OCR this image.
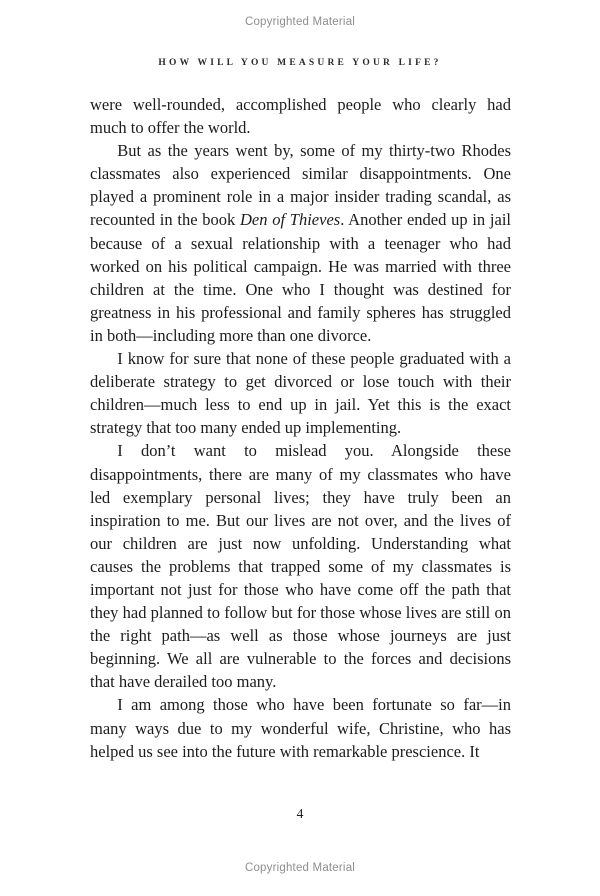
Copyrighted Material
HOW WILL YOU MEASURE YOUR LIFE?

were well-rounded, accomplished people who clearly had much to offer the world.

But as the years went by, some of my thirty-two Rhodes classmates also experienced similar disappointments. One played a prominent role in a major insider trading scandal, as recounted in the book Den of Thieves. Another ended up in jail because of a sexual relationship with a teenager who had worked on his political campaign. He was married with three children at the time. One who I thought was destined for greatness in his professional and family spheres has struggled in both—including more than one divorce.

I know for sure that none of these people graduated with a deliberate strategy to get divorced or lose touch with their children—much less to end up in jail. Yet this is the exact strategy that too many ended up implementing.

I don’t want to mislead you. Alongside these disappointments, there are many of my classmates who have led exemplary personal lives; they have truly been an inspiration to me. But our lives are not over, and the lives of our children are just now unfolding. Understanding what causes the problems that trapped some of my classmates is important not just for those who have come off the path that they had planned to follow but for those whose lives are still on the right path—as well as those whose journeys are just beginning. We all are vulnerable to the forces and decisions that have derailed too many.

I am among those who have been fortunate so far—in many ways due to my wonderful wife, Christine, who has helped us see into the future with remarkable prescience. It

4
Copyrighted Material
